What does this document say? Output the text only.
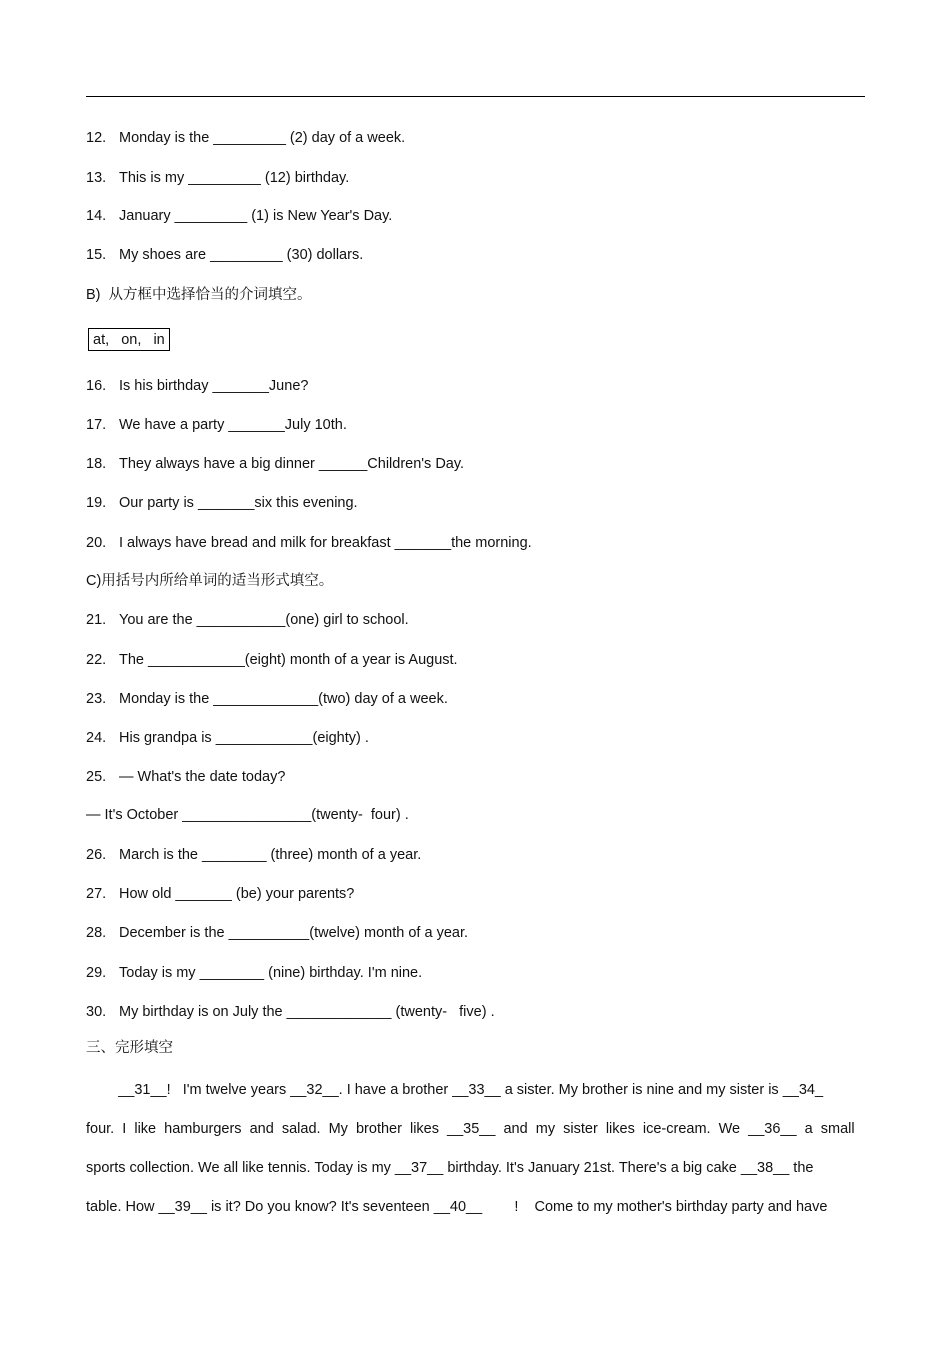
12. Monday is the _________ (2) day of a week.
13. This is my _________ (12) birthday.
14. January _________ (1) is New Year's Day.
15. My shoes are _________ (30) dollars.
B)  从方框中选择恰当的介词填空。
at,   on,   in
16. Is his birthday _______June?
17. We have a party _______July 10th.
18. They always have a big dinner ______Children's Day.
19. Our party is _______six this evening.
20. I always have bread and milk for breakfast _______the morning.
C)用括号内所给单词的适当形式填空。
21. You are the ___________(one) girl to school.
22. The ____________(eight) month of a year is August.
23. Monday is the _____________(two) day of a week.
24. His grandpa is ____________(eighty) .
25. — What's the date today?
— It's October ________________(twenty-  four) .
26. March is the ________ (three) month of a year.
27. How old _______ (be) your parents?
28. December is the __________(twelve) month of a year.
29. Today is my ________ (nine) birthday. I'm nine.
30. My birthday is on July the _____________ (twenty-   five) .
三、完形填空
__31__!   I'm twelve years __32__. I have a brother __33__ a sister. My brother is nine and my sister is __34_
four.  I  like  hamburgers  and  salad.  My  brother  likes  __35__  and  my  sister  likes  ice-cream.  We  __36__  a  small
sports collection. We all like tennis. Today is my __37__ birthday. It's January 21st. There's a big cake __38__ the
table. How __39__ is it? Do you know? It's seventeen __40__        !    Come to my mother's birthday party and have
